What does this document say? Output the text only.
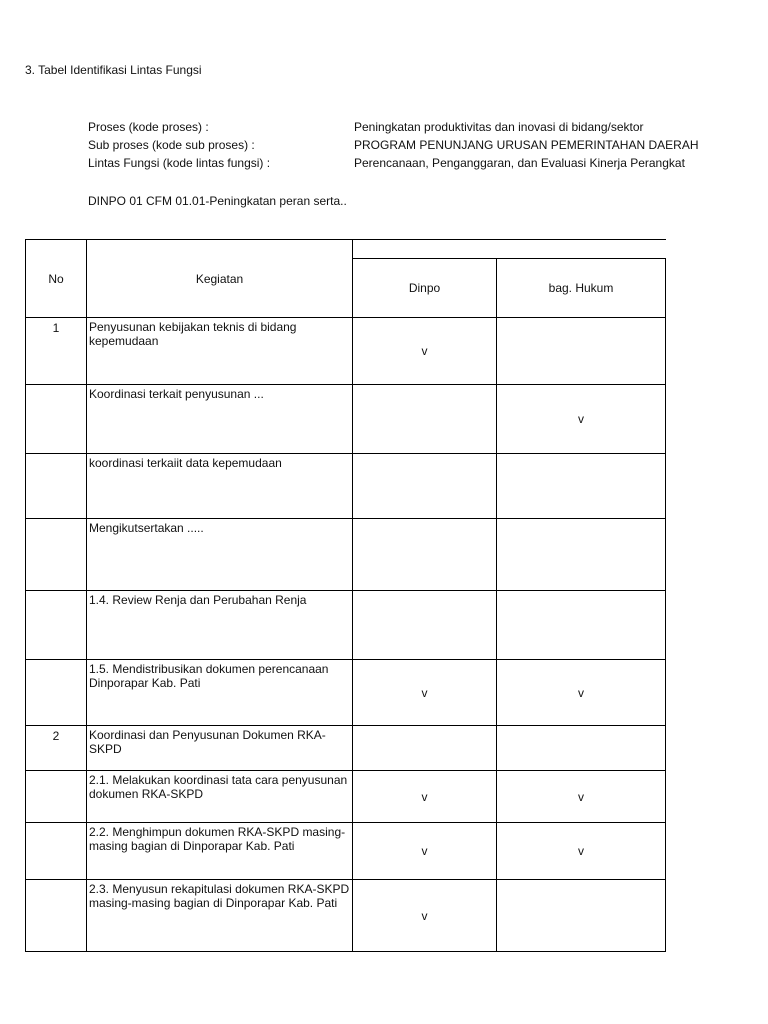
3. Tabel Identifikasi Lintas Fungsi
Proses (kode proses) :	Peningkatan produktivitas dan inovasi di bidang/sektor
Sub proses (kode sub proses) :	PROGRAM PENUNJANG URUSAN PEMERINTAHAN DAERAH
Lintas Fungsi (kode lintas fungsi) :	Perencanaan, Penganggaran, dan Evaluasi Kinerja Perangkat
DINPO 01 CFM 01.01-Peningkatan peran serta..
No	Kegiatan		
		Dinpo	bag. Hukum
1	Penyusunan kebijakan teknis di bidang kepemudaan	v	
	Koordinasi terkait penyusunan ...		v
	koordinasi terkaiit data kepemudaan		
	Mengikutsertakan .....		
	1.4. Review Renja dan Perubahan Renja		
	1.5. Mendistribusikan dokumen perencanaan Dinporapar Kab. Pati	v	v
2	Koordinasi dan Penyusunan Dokumen RKA-SKPD		
	2.1. Melakukan koordinasi tata cara penyusunan dokumen RKA-SKPD	v	v
	2.2. Menghimpun dokumen RKA-SKPD masing-masing bagian di Dinporapar Kab. Pati	v	v
	2.3. Menyusun rekapitulasi dokumen RKA-SKPD masing-masing bagian di Dinporapar Kab. Pati	v	
